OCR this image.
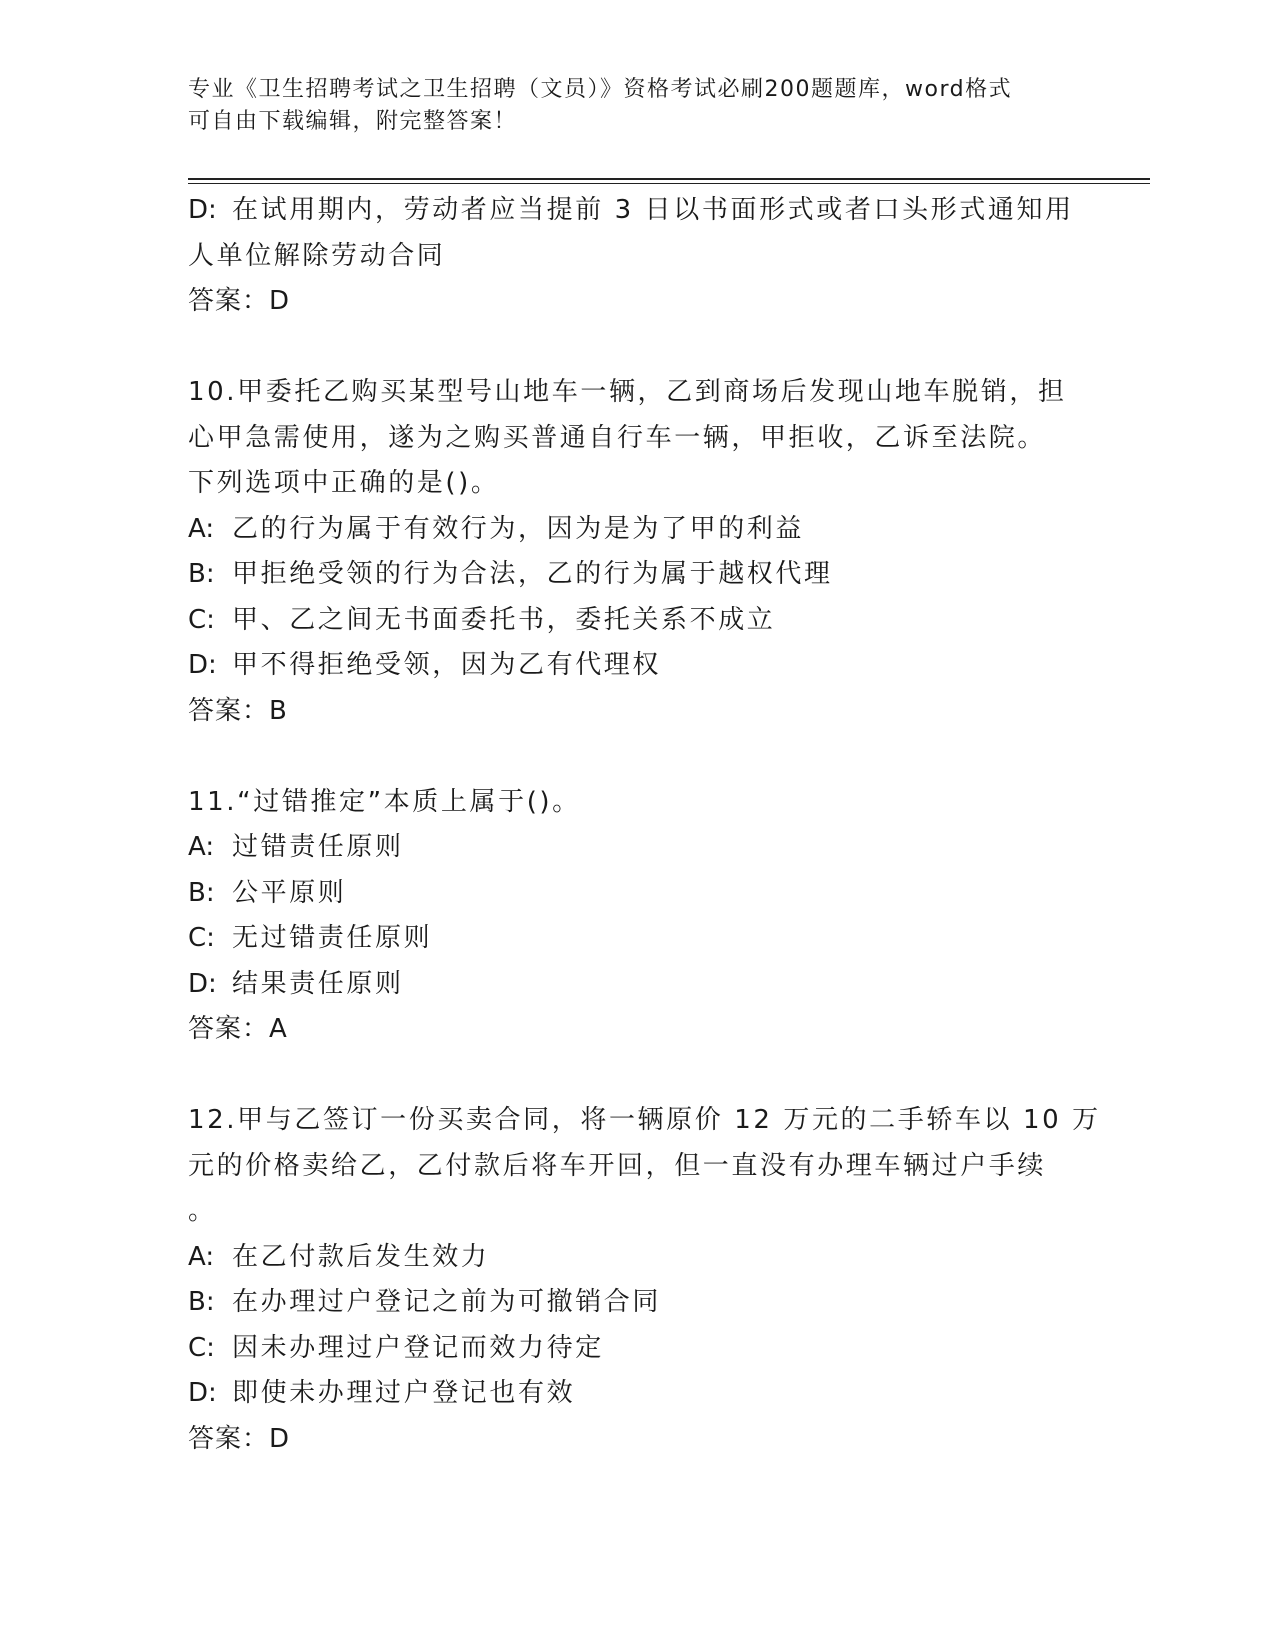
专业《卫生招聘考试之卫生招聘（文员）》资格考试必刷200题题库，word格式
可自由下载编辑，附完整答案！
D: 在试用期内，劳动者应当提前 3 日以书面形式或者口头形式通知用
人单位解除劳动合同
答案：D
10.甲委托乙购买某型号山地车一辆，乙到商场后发现山地车脱销，担
心甲急需使用，遂为之购买普通自行车一辆，甲拒收，乙诉至法院。
下列选项中正确的是()。
A: 乙的行为属于有效行为，因为是为了甲的利益
B: 甲拒绝受领的行为合法，乙的行为属于越权代理
C: 甲、乙之间无书面委托书，委托关系不成立
D: 甲不得拒绝受领，因为乙有代理权
答案：B
11.“过错推定”本质上属于()。
A: 过错责任原则
B: 公平原则
C: 无过错责任原则
D: 结果责任原则
答案：A
12.甲与乙签订一份买卖合同，将一辆原价 12 万元的二手轿车以 10 万
元的价格卖给乙，乙付款后将车开回，但一直没有办理车辆过户手续
。
A: 在乙付款后发生效力
B: 在办理过户登记之前为可撤销合同
C: 因未办理过户登记而效力待定
D: 即使未办理过户登记也有效
答案：D
